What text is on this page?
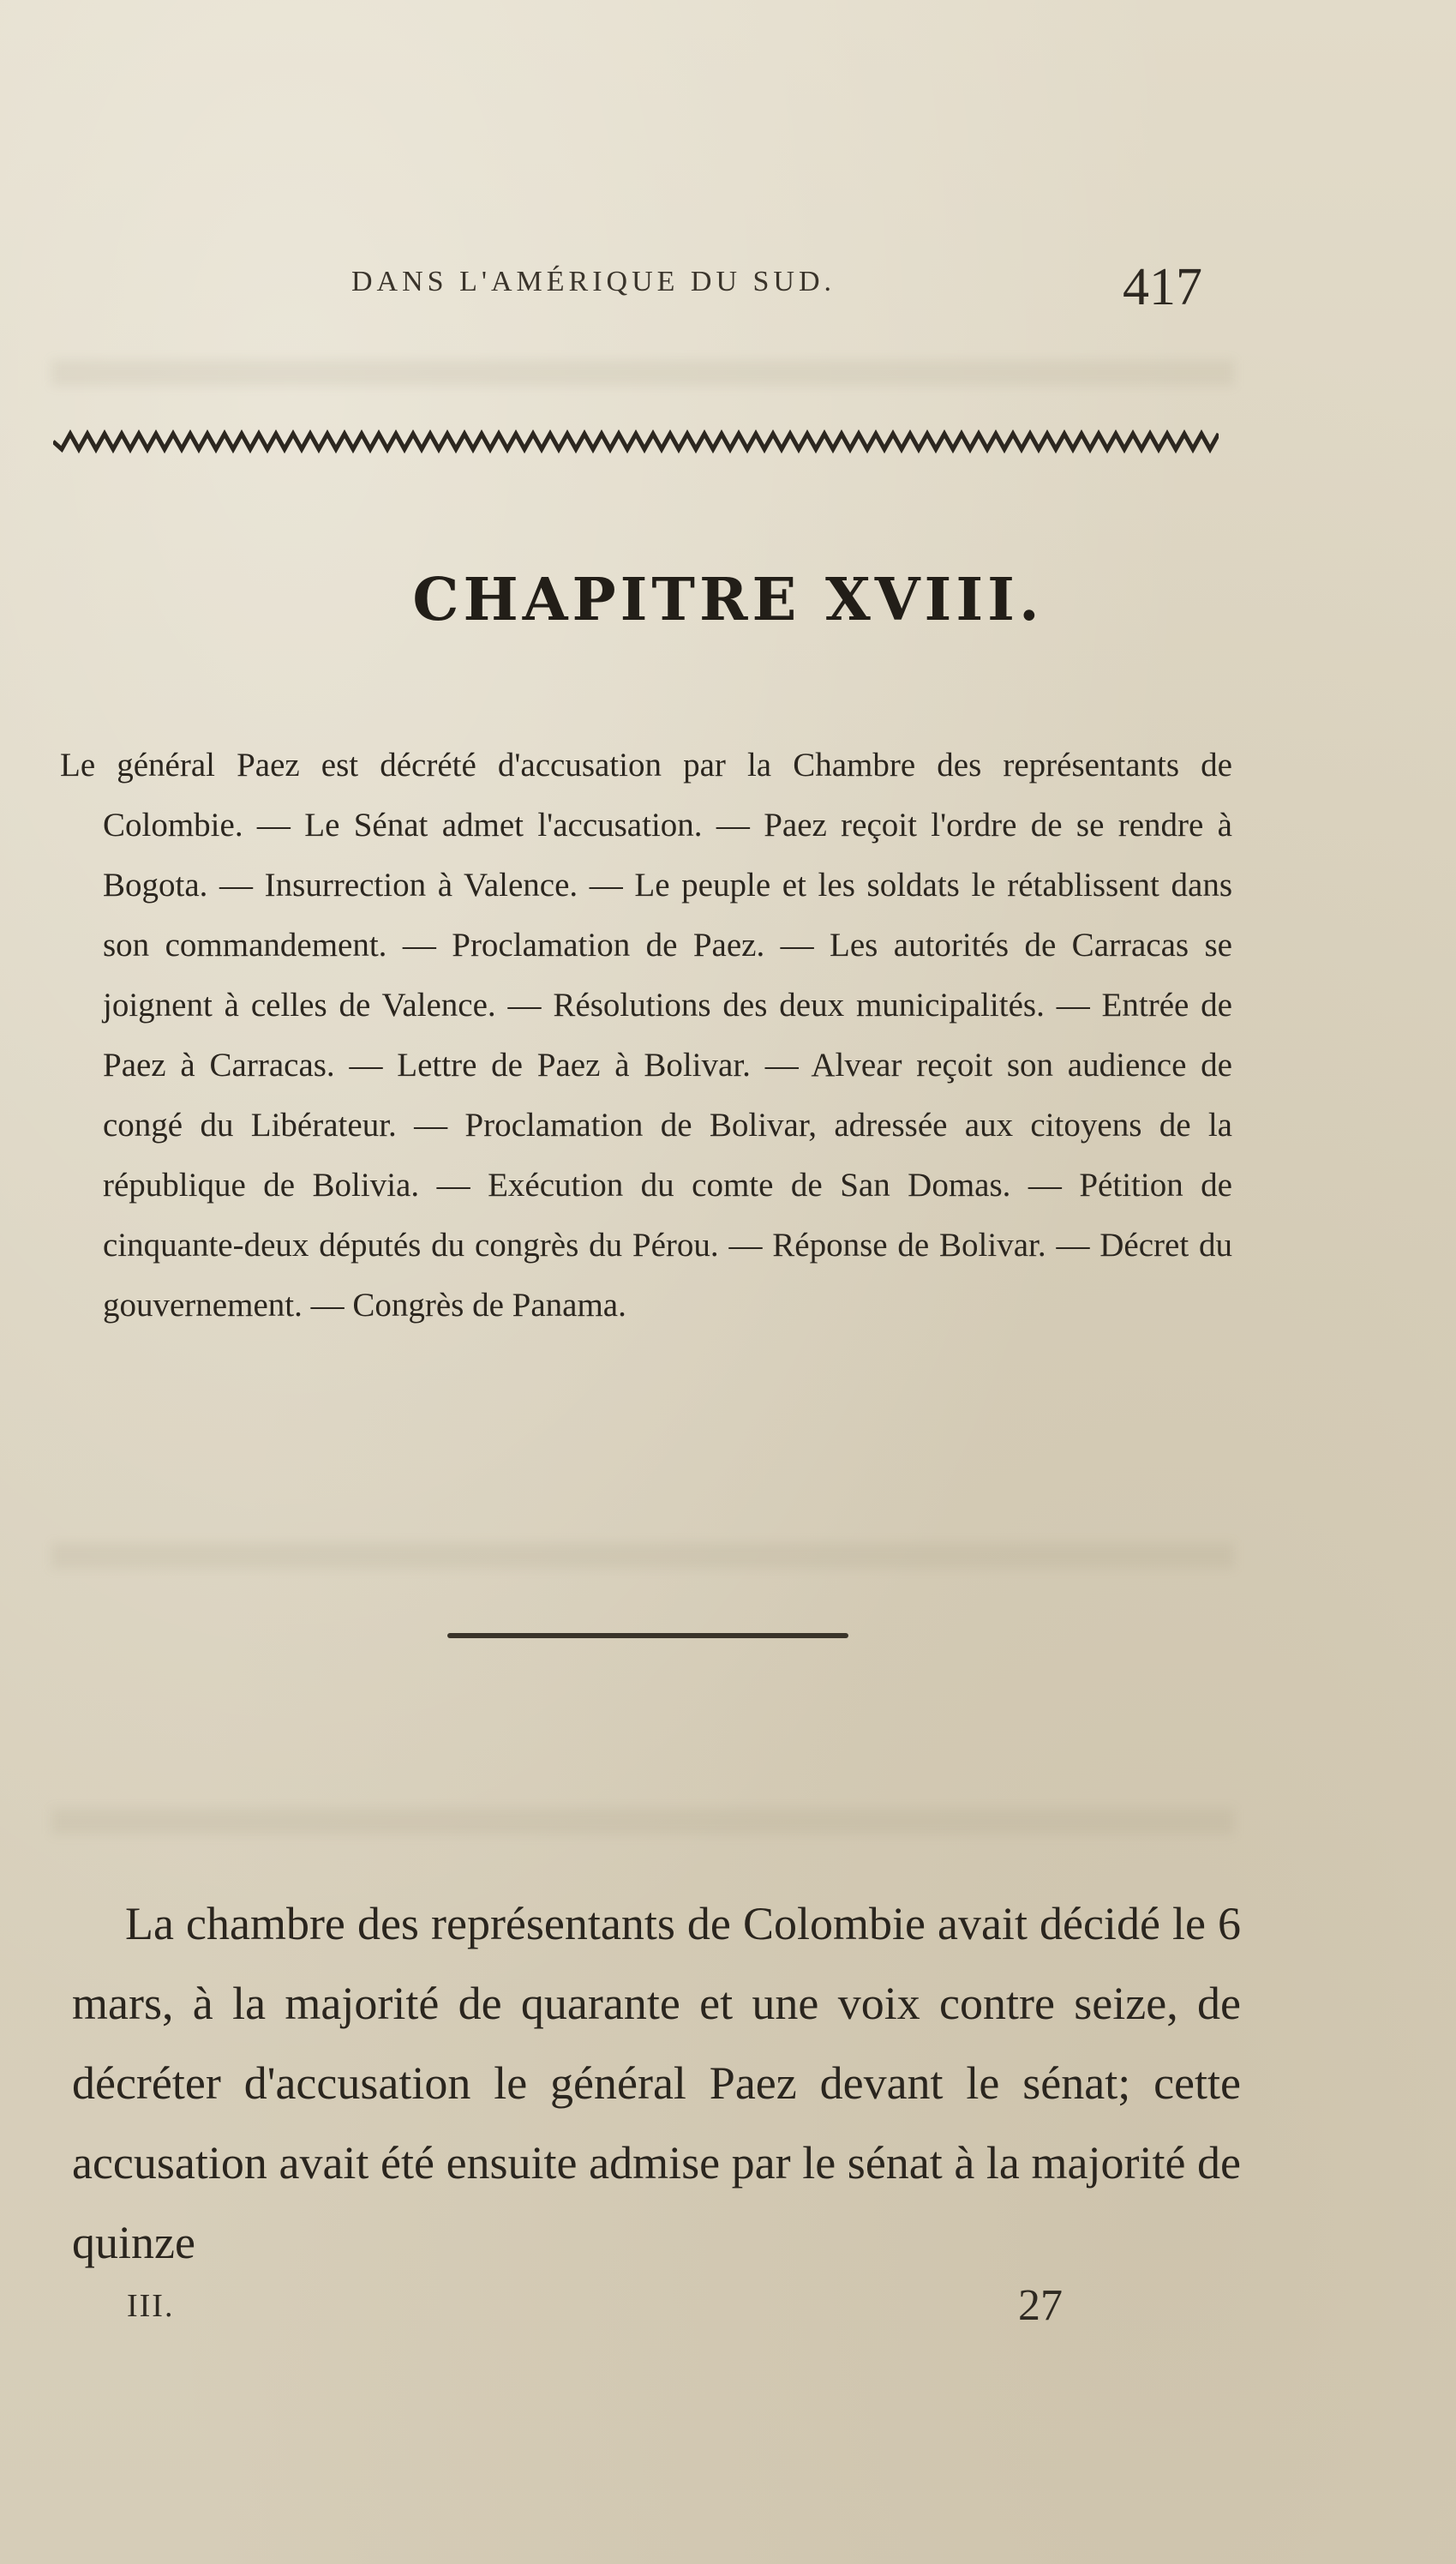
DANS L'AMÉRIQUE DU SUD.	417
CHAPITRE XVIII.
Le général Paez est décrété d'accusation par la Chambre des représentants de Colombie. — Le Sénat admet l'accusation. — Paez reçoit l'ordre de se rendre à Bogota. — Insurrection à Valence. — Le peuple et les soldats le rétablissent dans son commandement. — Proclamation de Paez. — Les autorités de Carracas se joignent à celles de Valence. — Résolutions des deux municipalités. — Entrée de Paez à Carracas. — Lettre de Paez à Bolivar. — Alvear reçoit son audience de congé du Libérateur. — Proclamation de Bolivar, adressée aux citoyens de la république de Bolivia. — Exécution du comte de San Domas. — Pétition de cinquante-deux députés du congrès du Pérou. — Réponse de Bolivar. — Décret du gouvernement. — Congrès de Panama.
La chambre des représentants de Colombie avait décidé le 6 mars, à la majorité de quarante et une voix contre seize, de décréter d'accusation le général Paez devant le sénat; cette accusation avait été ensuite admise par le sénat à la majorité de quinze
III.	27
